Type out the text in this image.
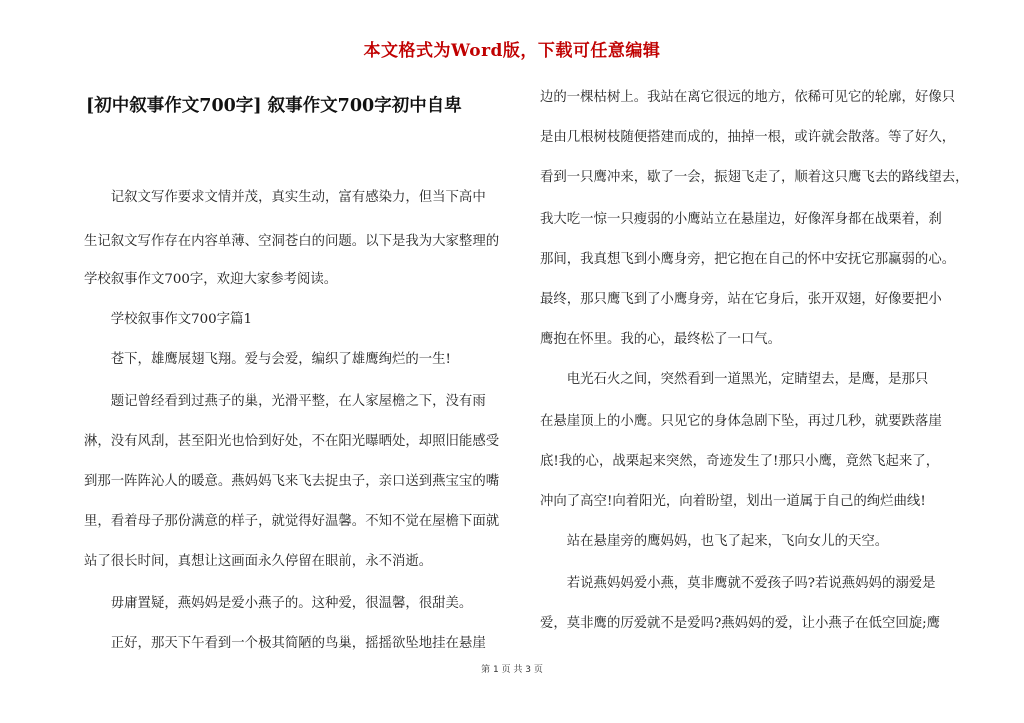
本文格式为Word版，下载可任意编辑
[初中叙事作文700字] 叙事作文700字初中自卑
　　记叙文写作要求文情并茂，真实生动，富有感染力，但当下高中
生记叙文写作存在内容单薄、空洞苍白的问题。以下是我为大家整理的
学校叙事作文700字，欢迎大家参考阅读。
　　学校叙事作文700字篇1
　　苍下，雄鹰展翅飞翔。爱与会爱，编织了雄鹰绚烂的一生!
　　题记曾经看到过燕子的巢，光滑平整，在人家屋檐之下，没有雨
淋，没有风刮，甚至阳光也恰到好处，不在阳光曝晒处，却照旧能感受
到那一阵阵沁人的暖意。燕妈妈飞来飞去捉虫子，亲口送到燕宝宝的嘴
里，看着母子那份满意的样子，就觉得好温馨。不知不觉在屋檐下面就
站了很长时间，真想让这画面永久停留在眼前，永不消逝。
　　毋庸置疑，燕妈妈是爱小燕子的。这种爱，很温馨，很甜美。
　　正好，那天下午看到一个极其简陋的鸟巢，摇摇欲坠地挂在悬崖
边的一棵枯树上。我站在离它很远的地方，依稀可见它的轮廓，好像只
是由几根树枝随便搭建而成的，抽掉一根，或许就会散落。等了好久，
看到一只鹰冲来，歇了一会，振翅飞走了，顺着这只鹰飞去的路线望去，
我大吃一惊一只瘦弱的小鹰站立在悬崖边，好像浑身都在战栗着，刹
那间，我真想飞到小鹰身旁，把它抱在自己的怀中安抚它那赢弱的心。
最终，那只鹰飞到了小鹰身旁，站在它身后，张开双翅，好像要把小
鹰抱在怀里。我的心，最终松了一口气。
　　电光石火之间，突然看到一道黑光，定睛望去，是鹰，是那只
在悬崖顶上的小鹰。只见它的身体急剧下坠，再过几秒，就要跌落崖
底!我的心，战栗起来突然，奇迹发生了!那只小鹰，竟然飞起来了，
冲向了高空!向着阳光，向着盼望，划出一道属于自己的绚烂曲线!
　　站在悬崖旁的鹰妈妈，也飞了起来，飞向女儿的天空。
　　若说燕妈妈爱小燕，莫非鹰就不爱孩子吗?若说燕妈妈的溺爱是
爱，莫非鹰的厉爱就不是爱吗?燕妈妈的爱，让小燕子在低空回旋;鹰
第 1 页 共 3 页
